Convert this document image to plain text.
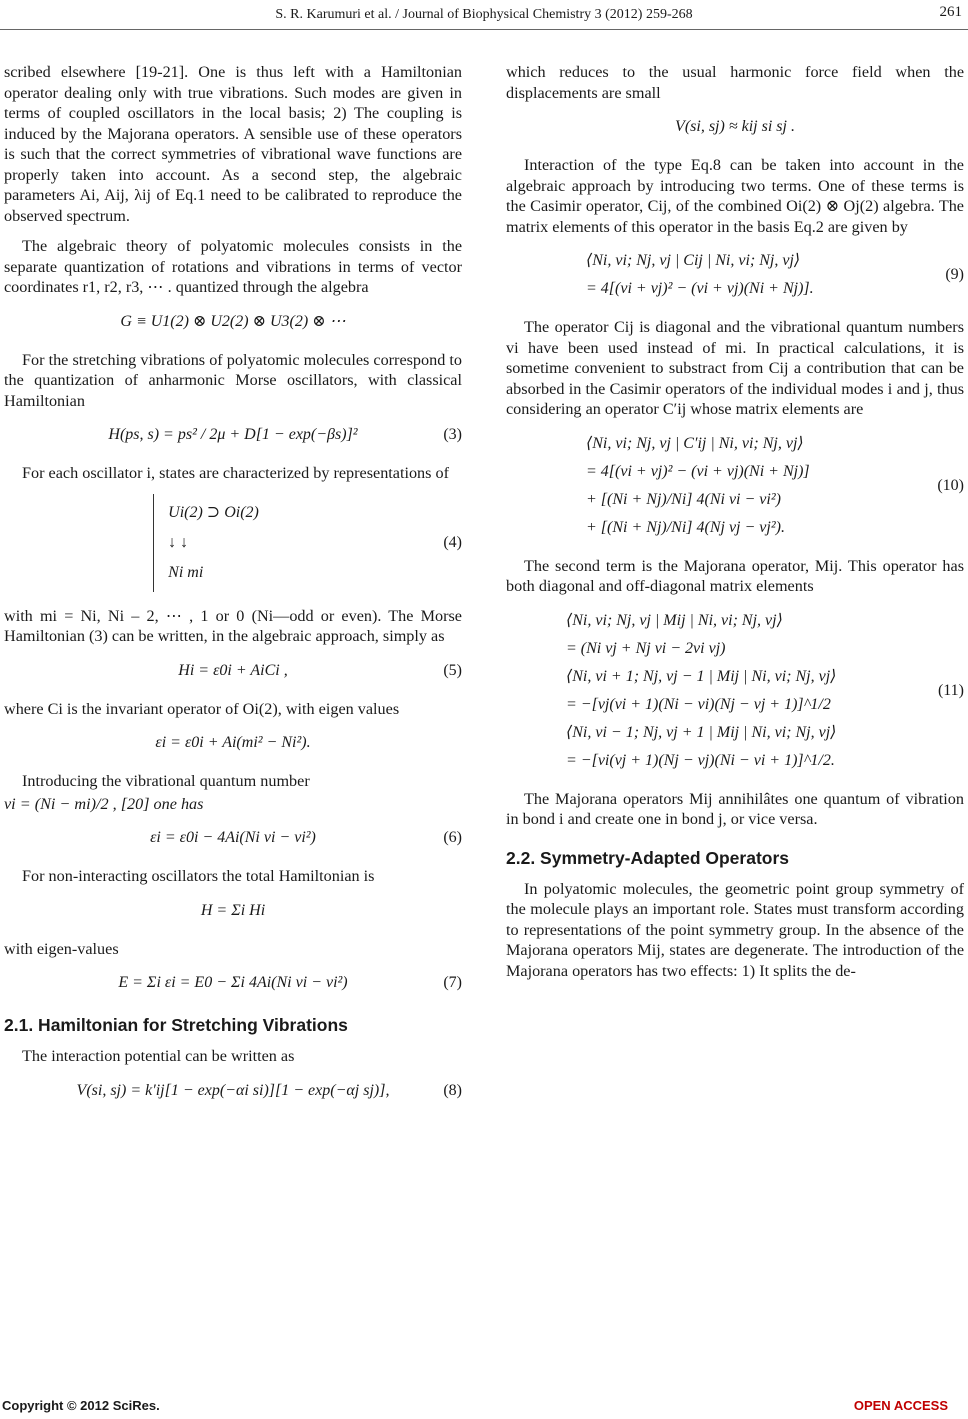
S. R. Karumuri et al. / Journal of Biophysical Chemistry 3 (2012) 259-268	261

scribed elsewhere [19-21]. One is thus left with a Hamiltonian operator dealing only with true vibrations. Such modes are given in terms of coupled oscillators in the local basis; 2) The coupling is induced by the Majorana operators. A sensible use of these operators is such that the correct symmetries of vibrational wave functions are properly taken into account. As a second step, the algebraic parameters Ai, Aij, λij of Eq.1 need to be calibrated to reproduce the observed spectrum.

The algebraic theory of polyatomic molecules consists in the separate quantization of rotations and vibrations in terms of vector coordinates r1, r2, r3, ⋯ . quantized through the algebra

G ≡ U1(2) ⊗ U2(2) ⊗ U3(2) ⊗ ⋯

For the stretching vibrations of polyatomic molecules correspond to the quantization of anharmonic Morse oscillators, with classical Hamiltonian

H(ps, s) = ps² / 2μ + D[1 − exp(−βs)]²	(3)

For each oscillator i, states are characterized by representations of

Ui(2) ⊃ Oi(2)
↓ ↓
Ni mi
(4)

with mi = Ni, Ni – 2, ⋯ , 1 or 0 (Ni—odd or even). The Morse Hamiltonian (3) can be written, in the algebraic approach, simply as

Hi = ε0i + AiCi ,	(5)

where Ci is the invariant operator of Oi(2), with eigen values

εi = ε0i + Ai(mi² − Ni²).

Introducing the vibrational quantum number

νi = (Ni − mi)/2 , [20] one has

εi = ε0i − 4Ai(Ni νi − νi²)	(6)

For non-interacting oscillators the total Hamiltonian is

H = Σi Hi

with eigen-values

E = Σi εi = E0 − Σi 4Ai(Ni νi − νi²)	(7)
2.1. Hamiltonian for Stretching Vibrations

The interaction potential can be written as

V(si, sj) = k′ij[1 − exp(−αi si)][1 − exp(−αj sj)],	(8)

which reduces to the usual harmonic force field when the displacements are small

V(si, sj) ≈ kij si sj .

Interaction of the type Eq.8 can be taken into account in the algebraic approach by introducing two terms. One of these terms is the Casimir operator, Cij, of the combined Oi(2) ⊗ Oj(2) algebra. The matrix elements of this operator in the basis Eq.2 are given by

⟨Ni, vi; Nj, vj | Cij | Ni, vi; Nj, vj⟩
= 4[(vi + vj)² − (vi + vj)(Ni + Nj)].
(9)

The operator Cij is diagonal and the vibrational quantum numbers vi have been used instead of mi. In practical calculations, it is sometime convenient to substract from Cij a contribution that can be absorbed in the Casimir operators of the individual modes i and j, thus considering an operator C′ij whose matrix elements are

⟨Ni, vi; Nj, vj | C′ij | Ni, vi; Nj, vj⟩
= 4[(vi + vj)² − (vi + vj)(Ni + Nj)]
+ [(Ni + Nj)/Ni] 4(Ni vi − vi²)
+ [(Ni + Nj)/Ni] 4(Nj vj − vj²).
(10)

The second term is the Majorana operator, Mij. This operator has both diagonal and off-diagonal matrix elements

⟨Ni, vi; Nj, vj | Mij | Ni, vi; Nj, vj⟩
= (Ni vj + Nj vi − 2vi vj)
⟨Ni, vi + 1; Nj, vj − 1 | Mij | Ni, vi; Nj, vj⟩
= −[vj(vi + 1)(Ni − vi)(Nj − vj + 1)]^1/2
⟨Ni, vi − 1; Nj, vj + 1 | Mij | Ni, vi; Nj, vj⟩
= −[vi(vj + 1)(Nj − vj)(Ni − vi + 1)]^1/2.
(11)

The Majorana operators Mij annihilâtes one quantum of vibration in bond i and create one in bond j, or vice versa.

2.2. Symmetry-Adapted Operators

In polyatomic molecules, the geometric point group symmetry of the molecule plays an important role. States must transform according to representations of the point symmetry group. In the absence of the Majorana operators Mij, states are degenerate. The introduction of the Majorana operators has two effects: 1) It splits the de-

Copyright © 2012 SciRes.	OPEN ACCESS
